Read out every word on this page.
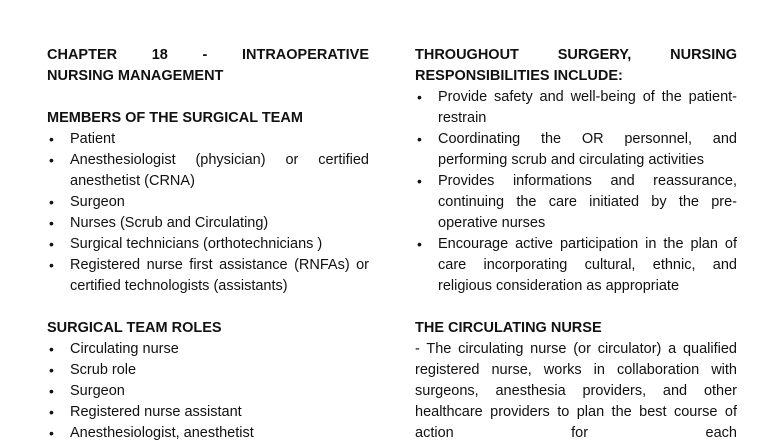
CHAPTER 18 - INTRAOPERATIVE
NURSING MANAGEMENT
MEMBERS OF THE SURGICAL TEAM
• Patient
• Anesthesiologist (physician) or certified anesthetist (CRNA)
• Surgeon
• Nurses (Scrub and Circulating)
• Surgical technicians (orthotechnicians )
• Registered nurse first assistance (RNFAs) or certified technologists (assistants)
SURGICAL TEAM ROLES
• Circulating nurse
• Scrub role
• Surgeon
• Registered nurse assistant
• Anesthesiologist, anesthetist
THROUGHOUT SURGERY, NURSING
RESPONSIBILITIES INCLUDE:
• Provide safety and well-being of the patient- restrain
• Coordinating the OR personnel, and performing scrub and circulating activities
• Provides informations and reassurance, continuing the care initiated by the pre-operative nurses
• Encourage active participation in the plan of care incorporating cultural, ethnic, and religious consideration as appropriate
THE CIRCULATING NURSE

- The circulating nurse (or circulator) a qualified registered nurse, works in collaboration with surgeons, anesthesia providers, and other healthcare providers to plan the best course of action for each
